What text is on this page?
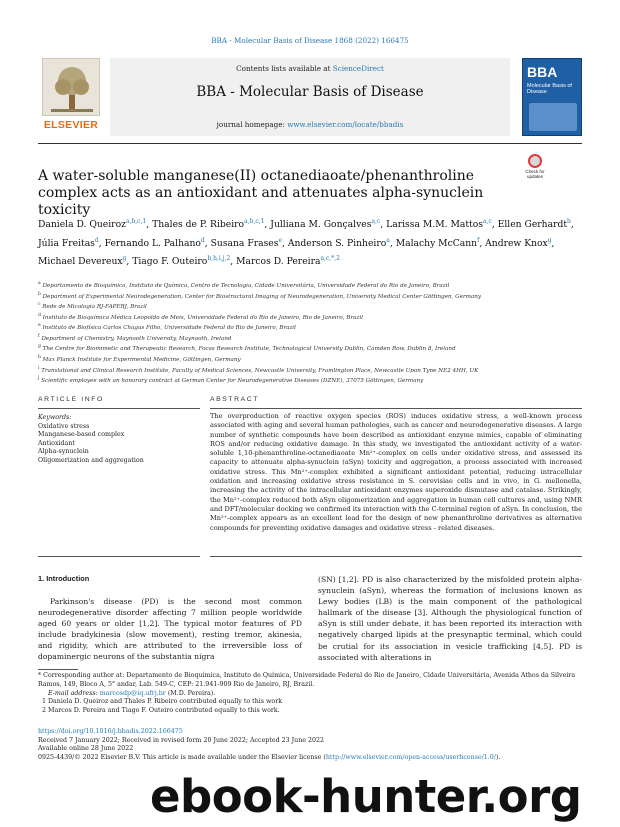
BBA - Molecular Basis of Disease 1868 (2022) 166475
ELSEVIER
Contents lists available at ScienceDirect
BBA - Molecular Basis of Disease
journal homepage: www.elsevier.com/locate/bbadis
BBA
Molecular Basis of Disease
A water-soluble manganese(II) octanediaoate/phenanthroline complex acts as an antioxidant and attenuates alpha-synuclein toxicity
Check for updates
Daniela D. Queiroz$^{a,b,c,1}$, Thales de P. Ribeiro$^{a,b,c,1}$, Julliana M. Gonçalves$^{a,c}$, Larissa M.M. Mattos$^{a,c}$, Ellen Gerhardt$^b$, Júlia Freitas$^d$, Fernando L. Palhano$^d$, Susana Frases$^e$, Anderson S. Pinheiro$^a$, Malachy McCann$^f$, Andrew Knox$^g$, Michael Devereux$^g$, Tiago F. Outeiro$^{b,h,i,j,2}$, Marcos D. Pereira$^{a,c,*,2}$
$^a$ Departamento de Bioquímica, Instituto de Química, Centro de Tecnologia, Cidade Universitária, Universidade Federal do Rio de Janeiro, Brazil
$^b$ Department of Experimental Neurodegeneration, Center for Biostructural Imaging of Neurodegeneration, University Medical Center Göttingen, Germany
$^c$ Rede de Micologia RJ-FAPERJ, Brazil
$^d$ Instituto de Bioquímica Médica Leopoldo de Meis, Universidade Federal do Rio de Janeiro, Rio de Janeiro, Brazil
$^e$ Instituto de Biofísica Carlos Chagas Filho, Universidade Federal do Rio de Janeiro, Brazil
$^f$ Department of Chemistry, Maynooth University, Maynooth, Ireland
$^g$ The Centre for Biomimetic and Therapeutic Research, Focas Research Institute, Technological University Dublin, Camden Row, Dublin 8, Ireland
$^h$ Max Planck Institute for Experimental Medicine, Göttingen, Germany
$^i$ Translational and Clinical Research Institute, Faculty of Medical Sciences, Newcastle University, Framlington Place, Newcastle Upon Tyne NE2 4HH, UK
$^j$ Scientific employee with an honorary contract at German Center for Neurodegenerative Diseases (DZNE), 37075 Göttingen, Germany
ARTICLE INFO	ABSTRACT
Keywords:
Oxidative stress
Manganese-based complex
Antioxidant
Alpha-synuclein
Oligomerization and aggregation
The overproduction of reactive oxygen species (ROS) induces oxidative stress, a well-known process associated with aging and several human pathologies, such as cancer and neurodegenerative diseases. A large number of synthetic compounds have been described as antioxidant enzyme mimics, capable of eliminating ROS and/or reducing oxidative damage. In this study, we investigated the antioxidant activity of a water-soluble 1,10-phenanthroline-octanediaoate Mn²⁺-complex on cells under oxidative stress, and assessed its capacity to attenuate alpha-synuclein (aSyn) toxicity and aggregation, a process associated with increased oxidative stress. This Mn²⁺-complex exhibited a significant antioxidant potential, reducing intracellular oxidation and increasing oxidative stress resistance in S. cerevisiae cells and in vivo, in G. mellonella, increasing the activity of the intracellular antioxidant enzymes superoxide dismutase and catalase. Strikingly, the Mn²⁺-complex reduced both aSyn oligomerization and aggregation in human cell cultures and, using NMR and DFT/molecular docking we confirmed its interaction with the C-terminal region of aSyn. In conclusion, the Mn²⁺-complex appears as an excellent lead for the design of new phenanthroline derivatives as alternative compounds for preventing oxidative damages and oxidative stress - related diseases.
1. Introduction
Parkinson's disease (PD) is the second most common neurodegenerative disorder affecting 7 million people worldwide aged 60 years or older [1,2]. The typical motor features of PD include bradykinesia (slow movement), resting tremor, akinesia, and rigidity, which are attributed to the irreversible loss of dopaminergic neurons of the substantia nigra
(SN) [1,2]. PD is also characterized by the misfolded protein alpha-synuclein (aSyn), whereas the formation of inclusions known as Lewy bodies (LB) is the main component of the pathological hallmark of the disease [3]. Although the physiological function of aSyn is still under debate, it has been reported its interaction with negatively charged lipids at the presynaptic terminal, which could be crutial for its association in vesicle trafficking [4,5]. PD is associated with alterations in
* Corresponding author at: Departamento de Bioquímica, Instituto de Química, Universidade Federal do Rio de Janeiro, Cidade Universitária, Avenida Athos da Silveira Ramos, 149, Bloco A, 5° andar, Lab. 549-C, CEP: 21.941-909 Rio de Janeiro, RJ, Brazil.
E-mail address: marcosdp@iq.ufrj.br (M.D. Pereira).
1 Daniela D. Queiroz and Thales P. Ribeiro contributed equally to this work
2 Marcos D. Pereira and Tiago F. Outeiro contributed equally to this work.
https://doi.org/10.1016/j.bbadis.2022.166475
Received 7 January 2022; Received in revised form 20 June 2022; Accepted 23 June 2022
Available online 28 June 2022
0925-4439/© 2022 Elsevier B.V. This article is made available under the Elsevier license (http://www.elsevier.com/open-access/userlicense/1.0/).
ebook-hunter.org
